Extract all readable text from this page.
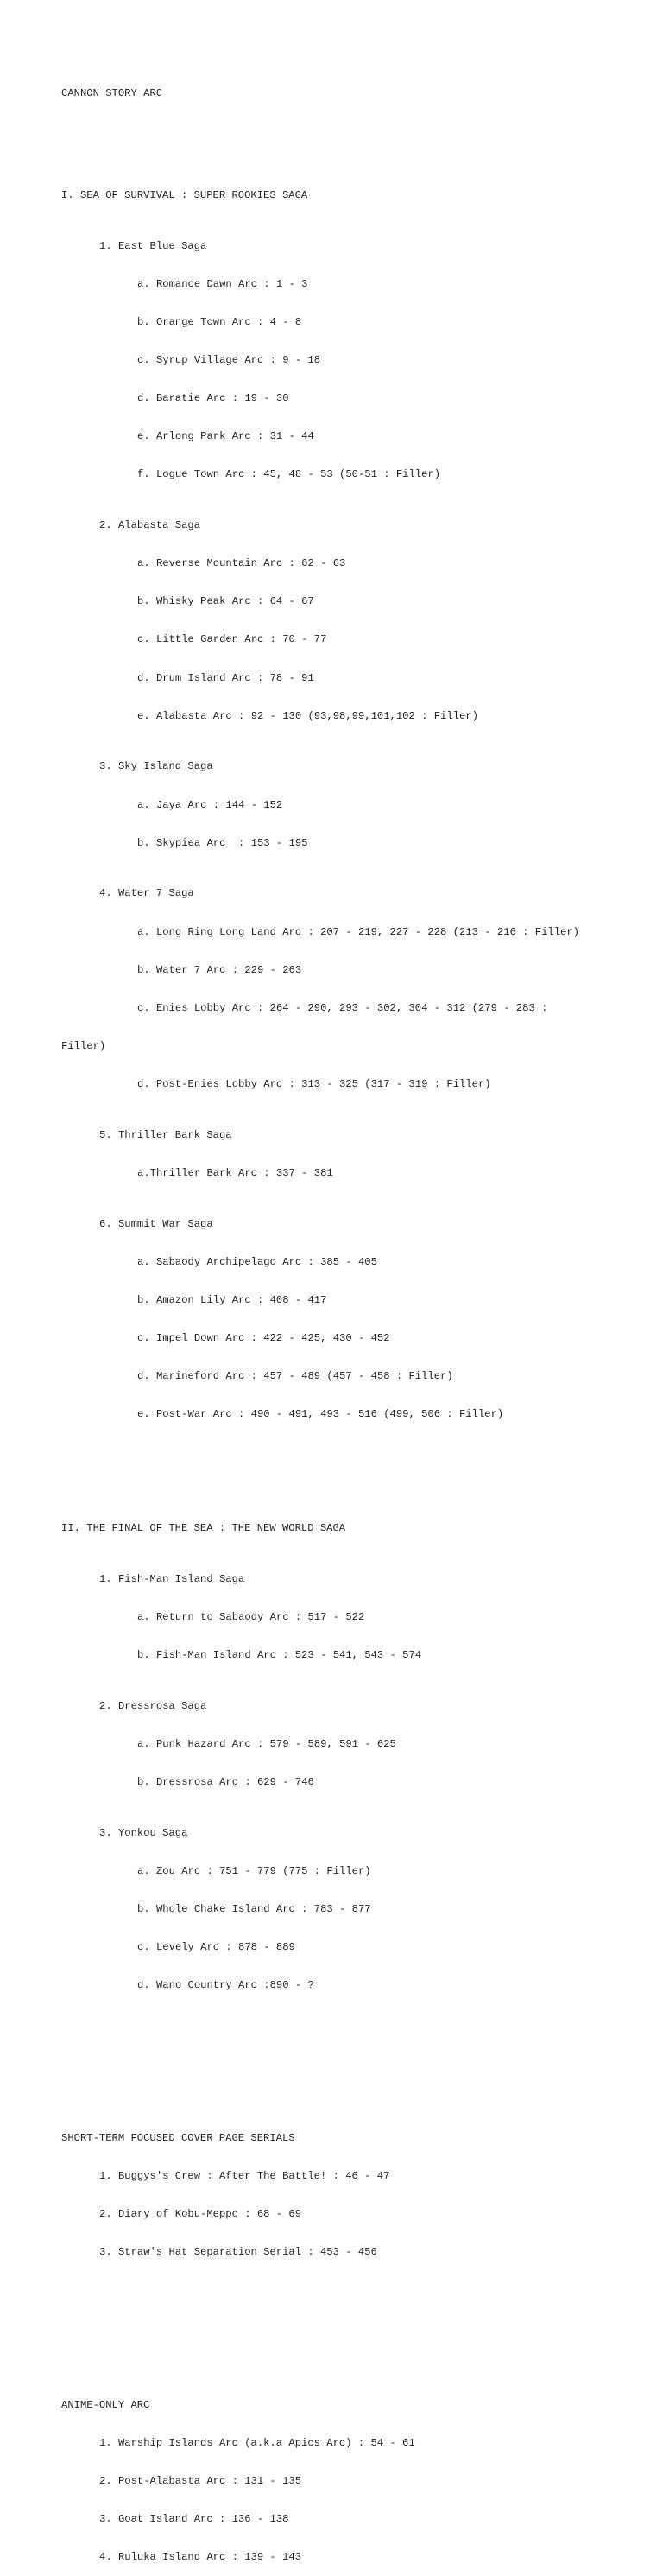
CANNON STORY ARC

I. SEA OF SURVIVAL : SUPER ROOKIES SAGA

1. East Blue Saga

a. Romance Dawn Arc : 1 - 3

b. Orange Town Arc : 4 - 8

c. Syrup Village Arc : 9 - 18

d. Baratie Arc : 19 - 30

e. Arlong Park Arc : 31 - 44

f. Logue Town Arc : 45, 48 - 53 (50-51 : Filler)

2. Alabasta Saga

a. Reverse Mountain Arc : 62 - 63

b. Whisky Peak Arc : 64 - 67

c. Little Garden Arc : 70 - 77

d. Drum Island Arc : 78 - 91

e. Alabasta Arc : 92 - 130 (93,98,99,101,102 : Filler)

3. Sky Island Saga

a. Jaya Arc : 144 - 152

b. Skypiea Arc  : 153 - 195

4. Water 7 Saga

a. Long Ring Long Land Arc : 207 - 219, 227 - 228 (213 - 216 : Filler)

b. Water 7 Arc : 229 - 263

c. Enies Lobby Arc : 264 - 290, 293 - 302, 304 - 312 (279 - 283 :

Filler)

d. Post-Enies Lobby Arc : 313 - 325 (317 - 319 : Filler)

5. Thriller Bark Saga

a.Thriller Bark Arc : 337 - 381

6. Summit War Saga

a. Sabaody Archipelago Arc : 385 - 405

b. Amazon Lily Arc : 408 - 417

c. Impel Down Arc : 422 - 425, 430 - 452

d. Marineford Arc : 457 - 489 (457 - 458 : Filler)

e. Post-War Arc : 490 - 491, 493 - 516 (499, 506 : Filler)

II. THE FINAL OF THE SEA : THE NEW WORLD SAGA

1. Fish-Man Island Saga

a. Return to Sabaody Arc : 517 - 522

b. Fish-Man Island Arc : 523 - 541, 543 - 574

2. Dressrosa Saga

a. Punk Hazard Arc : 579 - 589, 591 - 625

b. Dressrosa Arc : 629 - 746

3. Yonkou Saga

a. Zou Arc : 751 - 779 (775 : Filler)

b. Whole Chake Island Arc : 783 - 877

c. Levely Arc : 878 - 889

d. Wano Country Arc :890 - ?

SHORT-TERM FOCUSED COVER PAGE SERIALS

1. Buggys's Crew : After The Battle! : 46 - 47

2. Diary of Kobu-Meppo : 68 - 69

3. Straw's Hat Separation Serial : 453 - 456

ANIME-ONLY ARC

1. Warship Islands Arc (a.k.a Apics Arc) : 54 - 61

2. Post-Alabasta Arc : 131 - 135

3. Goat Island Arc : 136 - 138

4. Ruluka Island Arc : 139 - 143
